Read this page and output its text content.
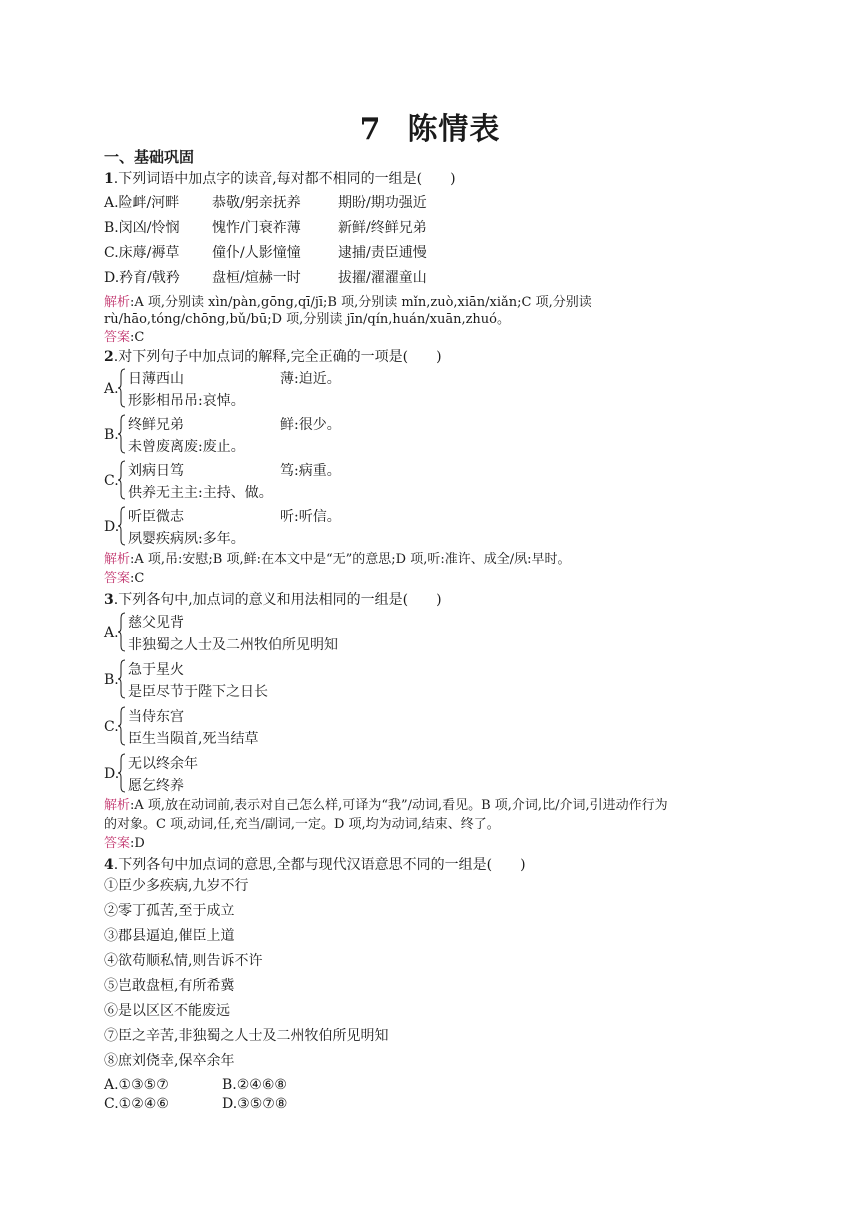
7 陈情表
一、基础巩固
1.下列词语中加点字的读音,每对都不相同的一组是(　　)
A.险衅/河畔 恭敬/躬亲抚养	期盼/期功强近
B.闵凶/怜悯 愧怍/门衰祚薄	新鲜/终鲜兄弟
C.床蓐/褥草 僮仆/人影憧憧	逮捕/责臣逋慢
D.矜育/戟矜 盘桓/煊赫一时	拔擢/濯濯童山
解析:A 项,分别读 xìn/pàn,gōng,qī/jī;B 项,分别读 mǐn,zuò,xiān/xiǎn;C 项,分别读
rù/hāo,tóng/chōng,bǔ/bū;D 项,分别读 jīn/qín,huán/xuān,zhuó。
答案:C
2.对下列句子中加点词的解释,完全正确的一项是(　　)
A.
日薄西山	薄:迫近。
形影相吊吊:哀悼。
B.
终鲜兄弟	鲜:很少。
未曾废离废:废止。
C.
刘病日笃	笃:病重。
供养无主主:主持、做。
D.
听臣微志	听:听信。
夙婴疾病夙:多年。
解析:A 项,吊:安慰;B 项,鲜:在本文中是“无”的意思;D 项,听:准许、成全/夙:早时。
答案:C
3.下列各句中,加点词的意义和用法相同的一组是(　　)
A.
慈父见背
非独蜀之人士及二州牧伯所见明知
B.
急于星火
是臣尽节于陛下之日长
C.
当侍东宫
臣生当陨首,死当结草
D.
无以终余年
愿乞终养
解析:A 项,放在动词前,表示对自己怎么样,可译为“我”/动词,看见。B 项,介词,比/介词,引进动作行为
的对象。C 项,动词,任,充当/副词,一定。D 项,均为动词,结束、终了。
答案:D
4.下列各句中加点词的意思,全都与现代汉语意思不同的一组是(　　)
①臣少多疾病,九岁不行
②零丁孤苦,至于成立
③郡县逼迫,催臣上道
④欲苟顺私情,则告诉不许
⑤岂敢盘桓,有所希冀
⑥是以区区不能废远
⑦臣之辛苦,非独蜀之人士及二州牧伯所见明知
⑧庶刘侥幸,保卒余年
A.①③⑤⑦	B.②④⑥⑧
C.①②④⑥	D.③⑤⑦⑧
